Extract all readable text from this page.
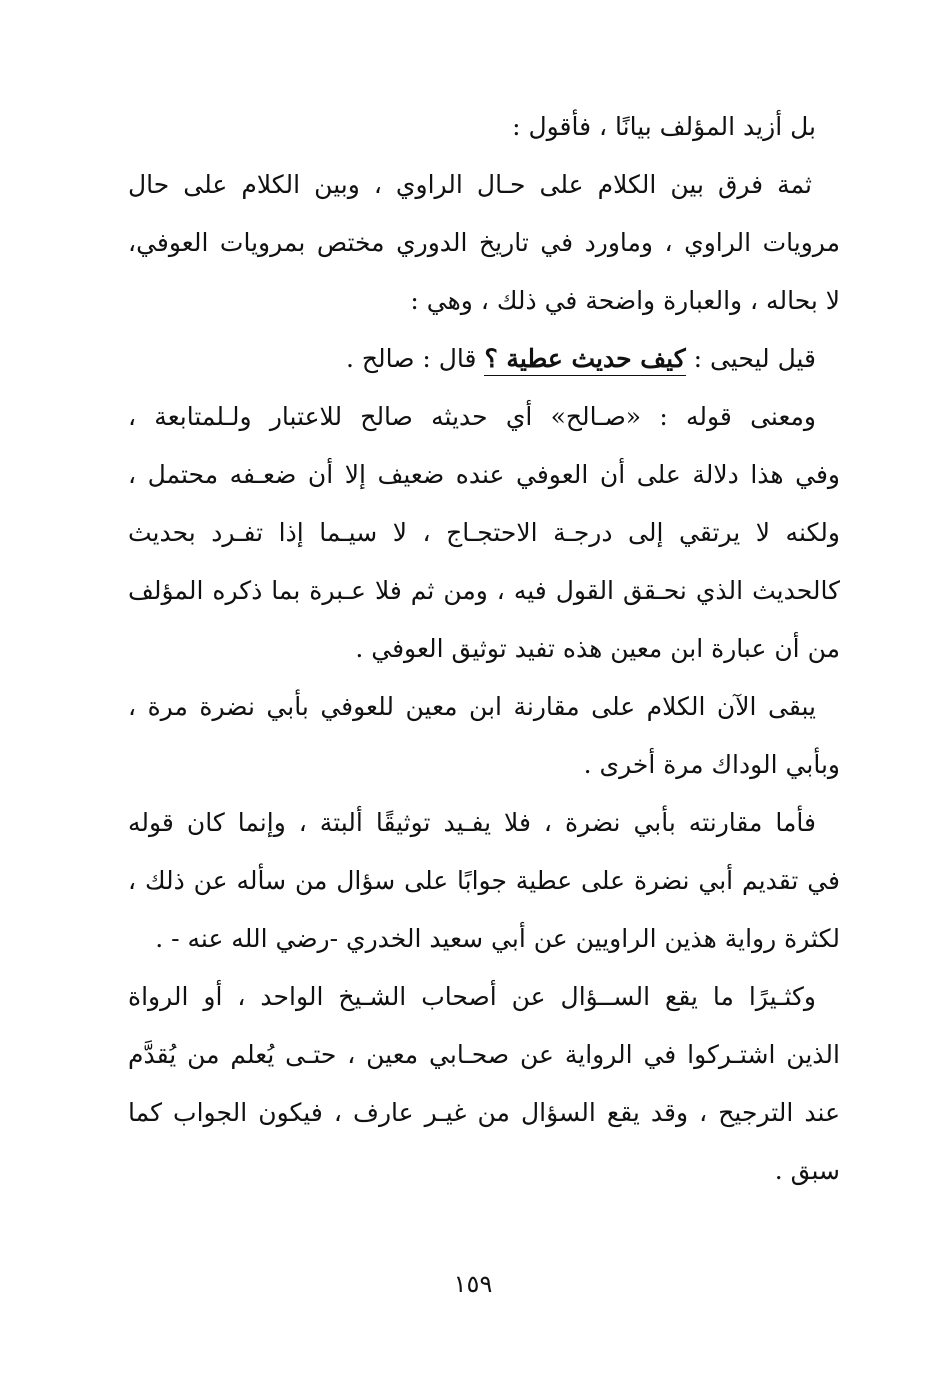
بل أزيد المؤلف بيانًا ، فأقول :
ثمة فرق بين الكلام على حـال الراوي ، وبين الكلام على حال
مرويات الراوي ، وماورد في تاريخ الدوري مختص بمرويات العوفي،
لا بحاله ، والعبارة واضحة في ذلك ، وهي :
قيل ليحيى : كيف حديث عطية ؟ قال : صالح .
ومعنى قوله : «صـالح» أي حديثه صالح للاعتبار ولـلمتابعة ،
وفي هذا دلالة على أن العوفي عنده ضعيف إلا أن ضعـفه محتمل ،
ولكنه لا يرتقي إلى درجـة الاحتجـاج ، لا سيـما إذا تفـرد بحديث
كالحديث الذي نحـقق القول فيه ، ومن ثم فلا عـبرة بما ذكره المؤلف
من أن عبارة ابن معين هذه تفيد توثيق العوفي .
يبقى الآن الكلام على مقارنة ابن معين للعوفي بأبي نضرة مرة ،
وبأبي الوداك مرة أخرى .
فأما مقارنته بأبي نضرة ، فلا يفـيد توثيقًا ألبتة ، وإنما كان قوله
في تقديم أبي نضرة على عطية جوابًا على سؤال من سأله عن ذلك ،
لكثرة رواية هذين الراويين عن أبي سعيد الخدري -رضي الله عنه - .
وكثـيرًا ما يقع الســؤال عن أصحاب الشـيخ الواحد ، أو الرواة
الذين اشتـركوا في الرواية عن صحـابي معين ، حتـى يُعلم من يُقدَّم
عند الترجيح ، وقد يقع السؤال من غيـر عارف ، فيكون الجواب كما
سبق .
١٥٩
